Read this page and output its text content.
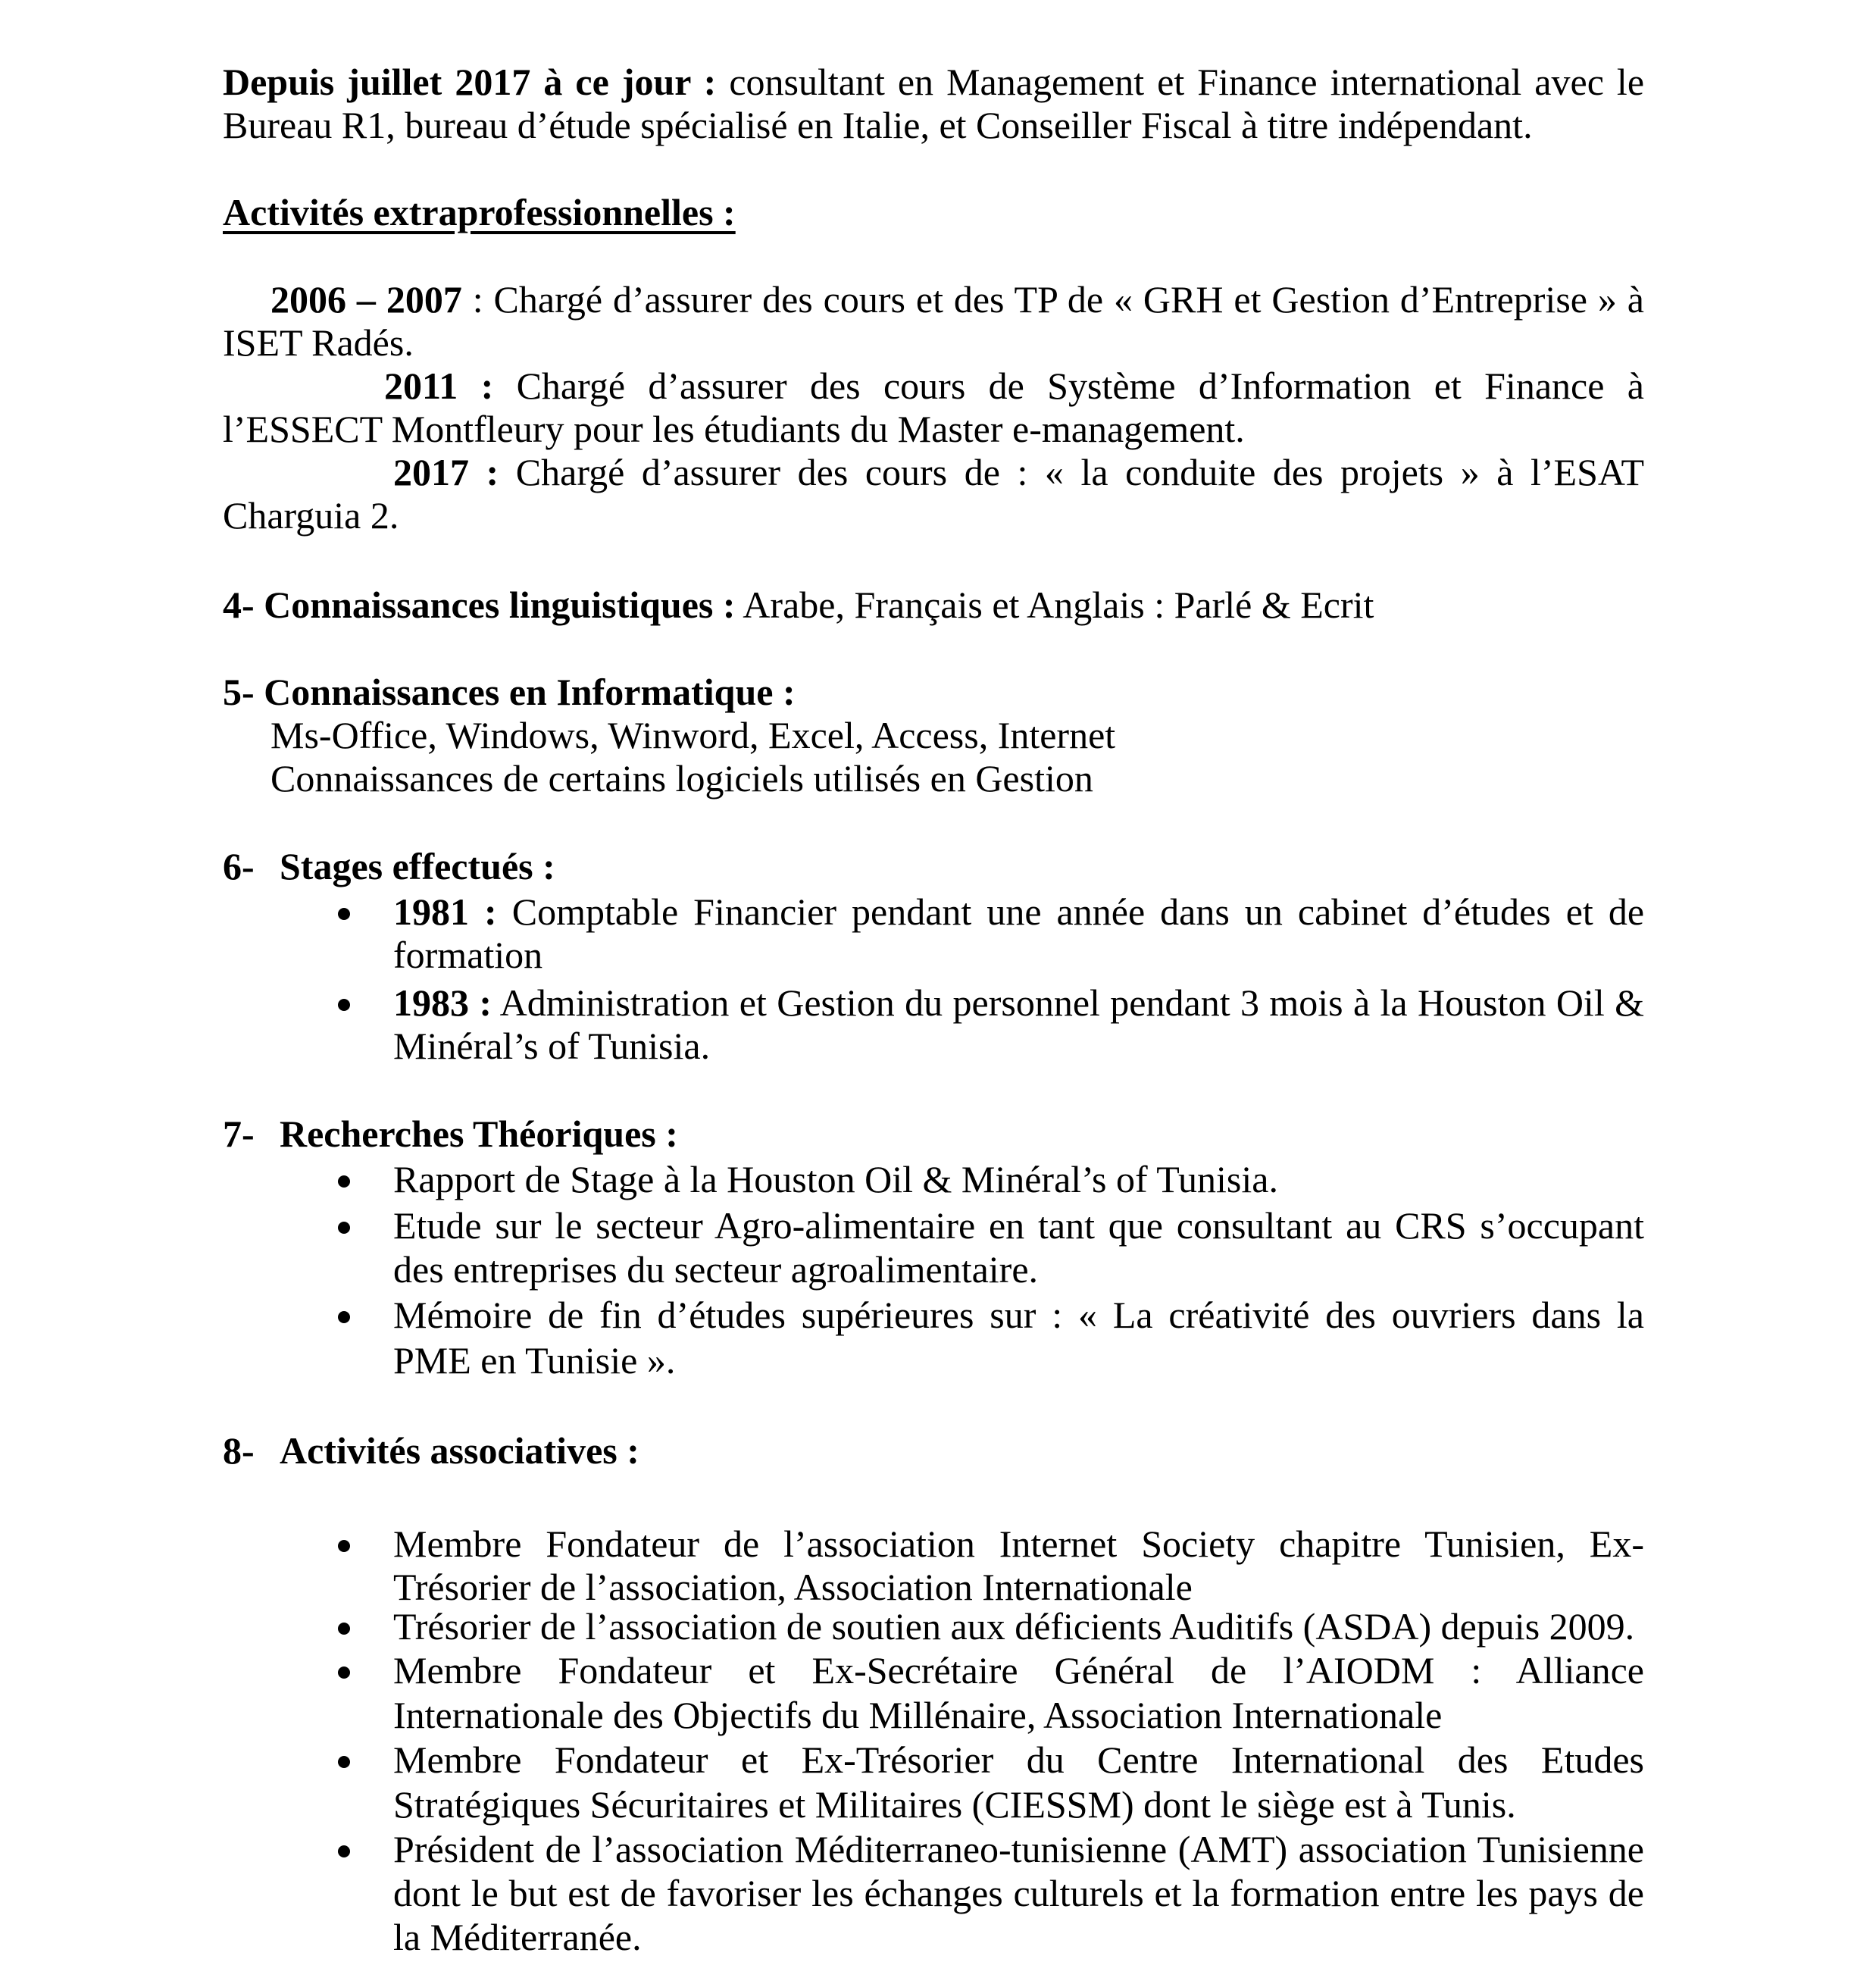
Depuis juillet 2017 à ce jour : consultant en Management et Finance international avec le
Bureau R1, bureau d’étude spécialisé en Italie, et Conseiller Fiscal à titre indépendant.
Activités extraprofessionnelles :
2006 – 2007 : Chargé d’assurer des cours et des TP de « GRH et Gestion d’Entreprise » à
ISET Radés.
2011 : Chargé d’assurer des cours de Système d’Information et Finance à
l’ESSECT Montfleury pour les étudiants du Master e-management.
2017 : Chargé d’assurer des cours de : « la conduite des projets » à l’ESAT
Charguia 2.
4- Connaissances linguistiques : Arabe, Français et Anglais : Parlé & Ecrit
5- Connaissances en Informatique :
Ms-Office, Windows, Winword, Excel, Access, Internet
Connaissances de certains logiciels utilisés en Gestion
6- Stages effectués :
1981 : Comptable Financier pendant une année dans un cabinet d’études et de
formation
1983 : Administration et Gestion du personnel pendant 3 mois à la Houston Oil &
Minéral’s of Tunisia.
7- Recherches Théoriques :
Rapport de Stage à la Houston Oil & Minéral’s of Tunisia.
Etude sur le secteur Agro-alimentaire en tant que consultant au CRS s’occupant
des entreprises du secteur agroalimentaire.
Mémoire de fin d’études supérieures sur : « La créativité des ouvriers dans la
PME en Tunisie ».
8- Activités associatives :
Membre Fondateur de l’association Internet Society chapitre Tunisien, Ex-
Trésorier de l’association, Association Internationale
Trésorier de l’association de soutien aux déficients Auditifs (ASDA) depuis 2009.
Membre Fondateur et Ex-Secrétaire Général de l’AIODM : Alliance
Internationale des Objectifs du Millénaire, Association Internationale
Membre Fondateur et Ex-Trésorier du Centre International des Etudes
Stratégiques Sécuritaires et Militaires (CIESSM) dont le siège est à Tunis.
Président de l’association Méditerraneo-tunisienne (AMT) association Tunisienne
dont le but est de favoriser les échanges culturels et la formation entre les pays de
la Méditerranée.
